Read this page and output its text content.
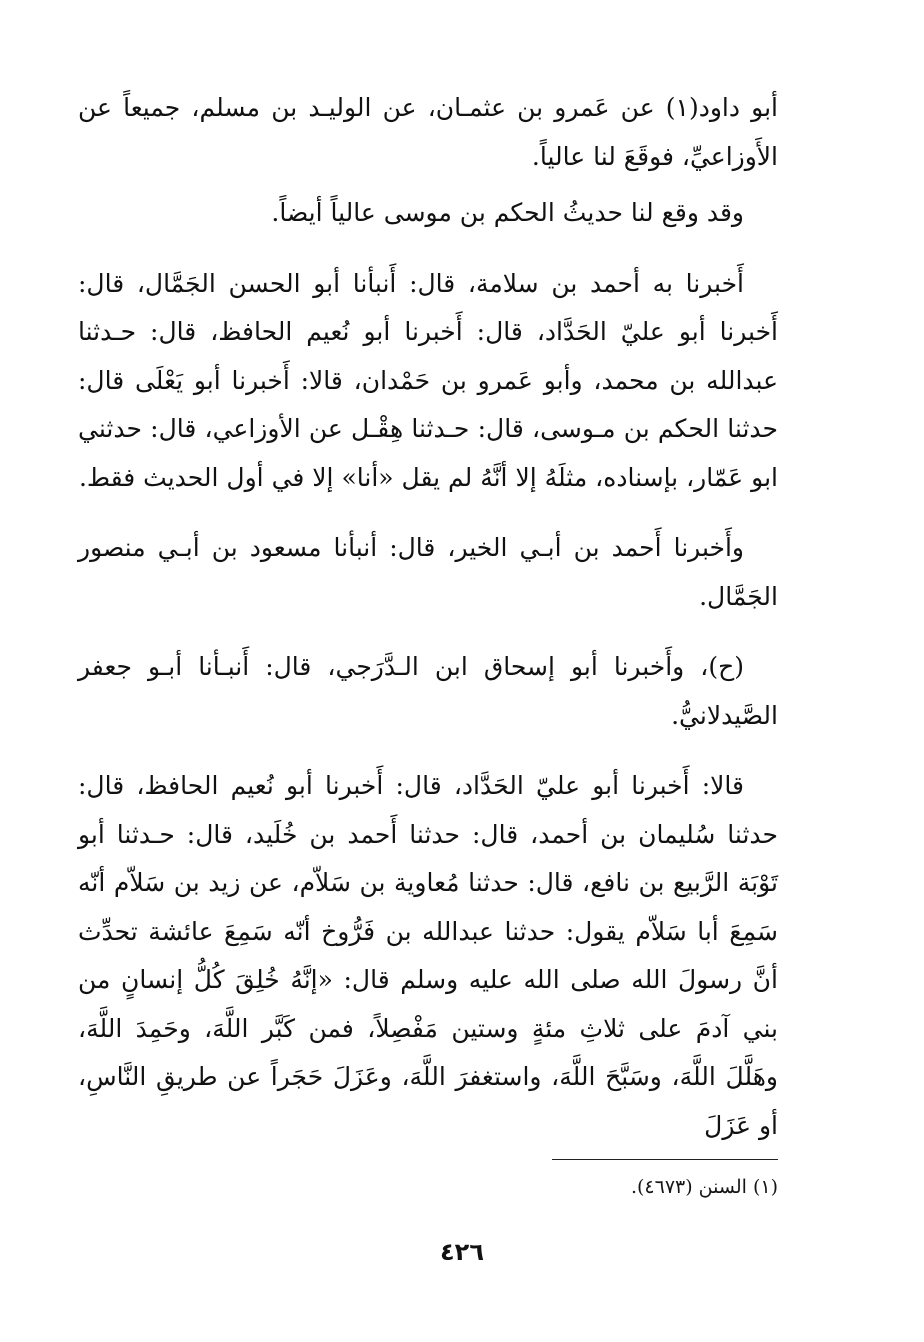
أبو داود(١) عن عَمرو بن عثمـان، عن الوليـد بن مسلم، جميعاً عن الأَوزاعيِّ، فوقَعَ لنا عالياً.

وقد وقع لنا حديثُ الحكم بن موسى عالياً أيضاً.

أَخبرنا به أحمد بن سلامة، قال: أَنبأنا أبو الحسن الجَمَّال، قال: أَخبرنا أبو عليّ الحَدَّاد، قال: أَخبرنا أبو نُعيم الحافظ، قال: حـدثنا عبدالله بن محمد، وأبو عَمرو بن حَمْدان، قالا: أَخبرنا أبو يَعْلَى قال: حدثنا الحكم بن مـوسى، قال: حـدثنا هِقْـل عن الأوزاعي، قال: حدثني ابو عَمّار، بإسناده، مثلَهُ إلا أنَّهُ لم يقل «أنا» إلا في أول الحديث فقط.

وأَخبرنا أَحمد بن أبـي الخير، قال: أنبأنا مسعود بن أبـي منصور الجَمَّال.

(ح)، وأَخبرنا أبو إسحاق ابن الـدَّرَجي، قال: أَنبـأنا أبـو جعفر الصَّيدلانيُّ.

قالا: أَخبرنا أبو عليّ الحَدَّاد، قال: أَخبرنا أبو نُعيم الحافظ، قال: حدثنا سُليمان بن أحمد، قال: حدثنا أَحمد بن خُلَيد، قال: حـدثنا أبو تَوْبَة الرَّبيع بن نافع، قال: حدثنا مُعاوية بن سَلاّم، عن زيد بن سَلاّم أنّه سَمِعَ أبا سَلاّم يقول: حدثنا عبدالله بن فَرُّوخ أنّه سَمِعَ عائشة تحدِّث أنَّ رسولَ الله صلى الله عليه وسلم قال: «إنَّهُ خُلِقَ كُلُّ إنسانٍ من بني آدمَ على ثلاثِ مئةٍ وستين مَفْصِلاً، فمن كَبَّر اللَّهَ، وحَمِدَ اللَّهَ، وهَلَّلَ اللَّهَ، وسَبَّحَ اللَّهَ، واستغفرَ اللَّهَ، وعَزَلَ حَجَراً عن طريقِ النَّاسِ، أو عَزَلَ

(١) السنن (٤٦٧٣).
٤٢٦
